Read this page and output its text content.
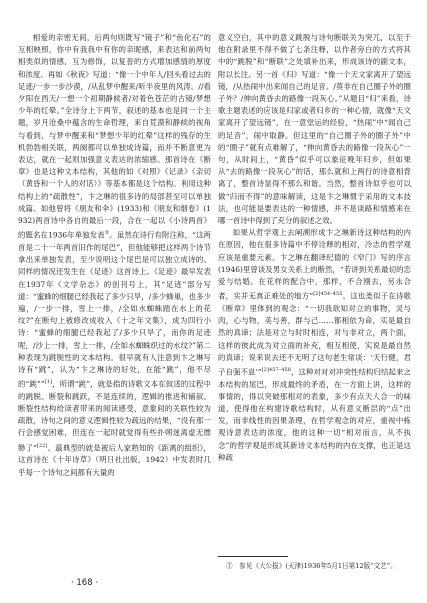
相爱的亲密无间，后两句则既写“镜子”和“鱼化石”的互相映照，你中有我我中有你的亲昵感，来表达和前两句相类似的情感，互为修饰，以复沓的方式增加感情的厚度和浓度。再如《秋夜》写道：“像一个中年人/回头看过去的足迹/一步一步沙漠，/从乱梦中醒来/听半夜里的风涛。//看夕阳在西天/一想一个初期静候者/对着色苍茫的古镜/梦想少年的红晕。”全诗分上下两节，叙述的基本也是同一个主题，岁月沧桑中蕴含的生命哲理，来自荒漠和静候的视角与看到，与梦中醒来和“梦想少年的红晕”这样的残存的生机勃勃相关联，两阕都可以单独成诗篇，而并不断意更为表达，就在一起则加强意义表达的浓缩感。那首诗在《断章》也是这种文本结构，其他的如《对照》《记录》《亲切（黄昏和一个人的对话）》等基本都是这个结构。利用这种结构上的“疏散性”，卞之琳的很多诗的局部甚至可以单独成篇。如他曾将《朋友和伞》(1933)和《朋友和烟卷》(1932)两首诗中各自的最后一段，合在一起以《小诗两首》的题名在1936年单独发表①。虽然在诗行有附注称，“这两首是二十一年两首旧作的尾巴”，但他能够把这样两个诗节拿出来单独发表，至少说明这个尾巴是可以独立成诗的。同样的情况还发生在《足迹》这首诗上。《足迹》最早发表在1937年《文学杂志》的创刊号上，其“足迹”部分写道：“蜜蜂的细腿已经我起了多少只旱，/多少蜂巢，也多少遍，/一步一排，雪上一排，/全如水蜘蛛踏在水上的花纹?”在断句上被修改成收入《十之年文集》，成为四行小诗：“蜜蜂的细腿已经我起了/多少只旱了，而你的足迹呢，/沙上一排，雪上一排，/全如水蜘蛛织过的水纹?”第二种表现为跳脱性的文本结构。很早就有人注意到卞之琳写诗有“跳”，认为“卞之琳诗的好处，在能“跳”，他不尽的“跳””[1]，所谓“跳”，就是指的诗歌文本在叙述的过程中的跳脱、断裂和跳跃，不是连续的，逻辑的推进和铺叙。断裂性结构给读者带来的阅读感受，意象间的关联性较为疏散，诗句之间的意义逻辑性较为疏远的结果，“没有那一行会感觉困难，但连在一起时就觉得有些扑朔迷离虚无缥缈了”[22]。最典型的就是被后人家熟知的《距离的组织》，这首诗在《十年诗草》（明日社出版，1942）中发表时几乎每一个诗句之间都有大量的

意义空白，其中的意义跳脱与诗句断联关为突兀，以至于他在附录里不得不做了七条注释，以作者旁白的方式将其中的“跳脱”和“断联”之处填补出来，形成该诗的副文本，附以长注。另一首《归》写道：“像一个天文家离开了望远镜，/从热闹中出来闻自己的足音。/莫非在自己圈子外的圈子外？/伸向黄昏去的路像一段灰心。”从题目“归”来看，诗歌主题表述的应该是归家或者归乡的一种心情，就像“天文家离开了望远镜”，在一意堂运的经验，“热闹”中“闻自己的足音”，闹中取静。但这里的“自己圈子外的圈子外”中的“圈子”就有点难解了，“伸向黄昏去的路像一段灰心”一句，从时间上，“黄昏”似乎可以象征晚年归乡，但如果从“去的路像一段灰心”的话，那么就和上两行的诗意相背离了，整首诗显得不那么和谐。当然，整首诗似乎也可以做“归而不得”的意味解读，这是卞之琳惯于采用的文本技法，也可能是要表达的一种情感，并不是谈路和情感来在哪一首诗中得到了充分的叙述之效。

如果从哲学观上去阐溯形成卞之琳新诗这种结构的内在原因，他在很多诗篇中不停诠释的相对，冷志的哲学观应该是重要元素。卞之琳在翻译纪德的《窄门》写的序言(1946)里曾谈及男女关系上的断然，“若讲到关系最切的恋爱与结婚。在花样的配合中，那样，不合刚去，另永合者，实并无真正难处的地方”$^{[2]454-455}$。这也类似于在诗歌《断章》里体到的观念：“一切我欲知对立的事物，灵与肉，心与物，美与善，群与己……都相依为命，实是最自然的真谛；法是对立与时时相连，对与非对立，两个面，这样的彼此成为对立面的补充，相互相使，实说是最自然的真谛；说来说去还不无明了这句老生常谈：‘天行健，君子自强不息’”$^{[2]457-458}$，这种对对对冲突性结构归结起来之本结构的尾巴，形成最终的矛盾，在一方面上讲，这样的事情的，得以突破那相对的表象，多少有点天人合一的味道，使得他在构建诗歌结构时，从有意义断层的“点”出发，而非线性的因果条理，在哲学观念的对应，重视中栋观诗意表达的浓度，他的这种一切“相对而言，从不执念”的哲学观是形成其新诗文本结构的内在支撑，也正是这种疏

①　参见《大公报》(天津)1936年5月1日第12版“文艺”。
· 168 ·
